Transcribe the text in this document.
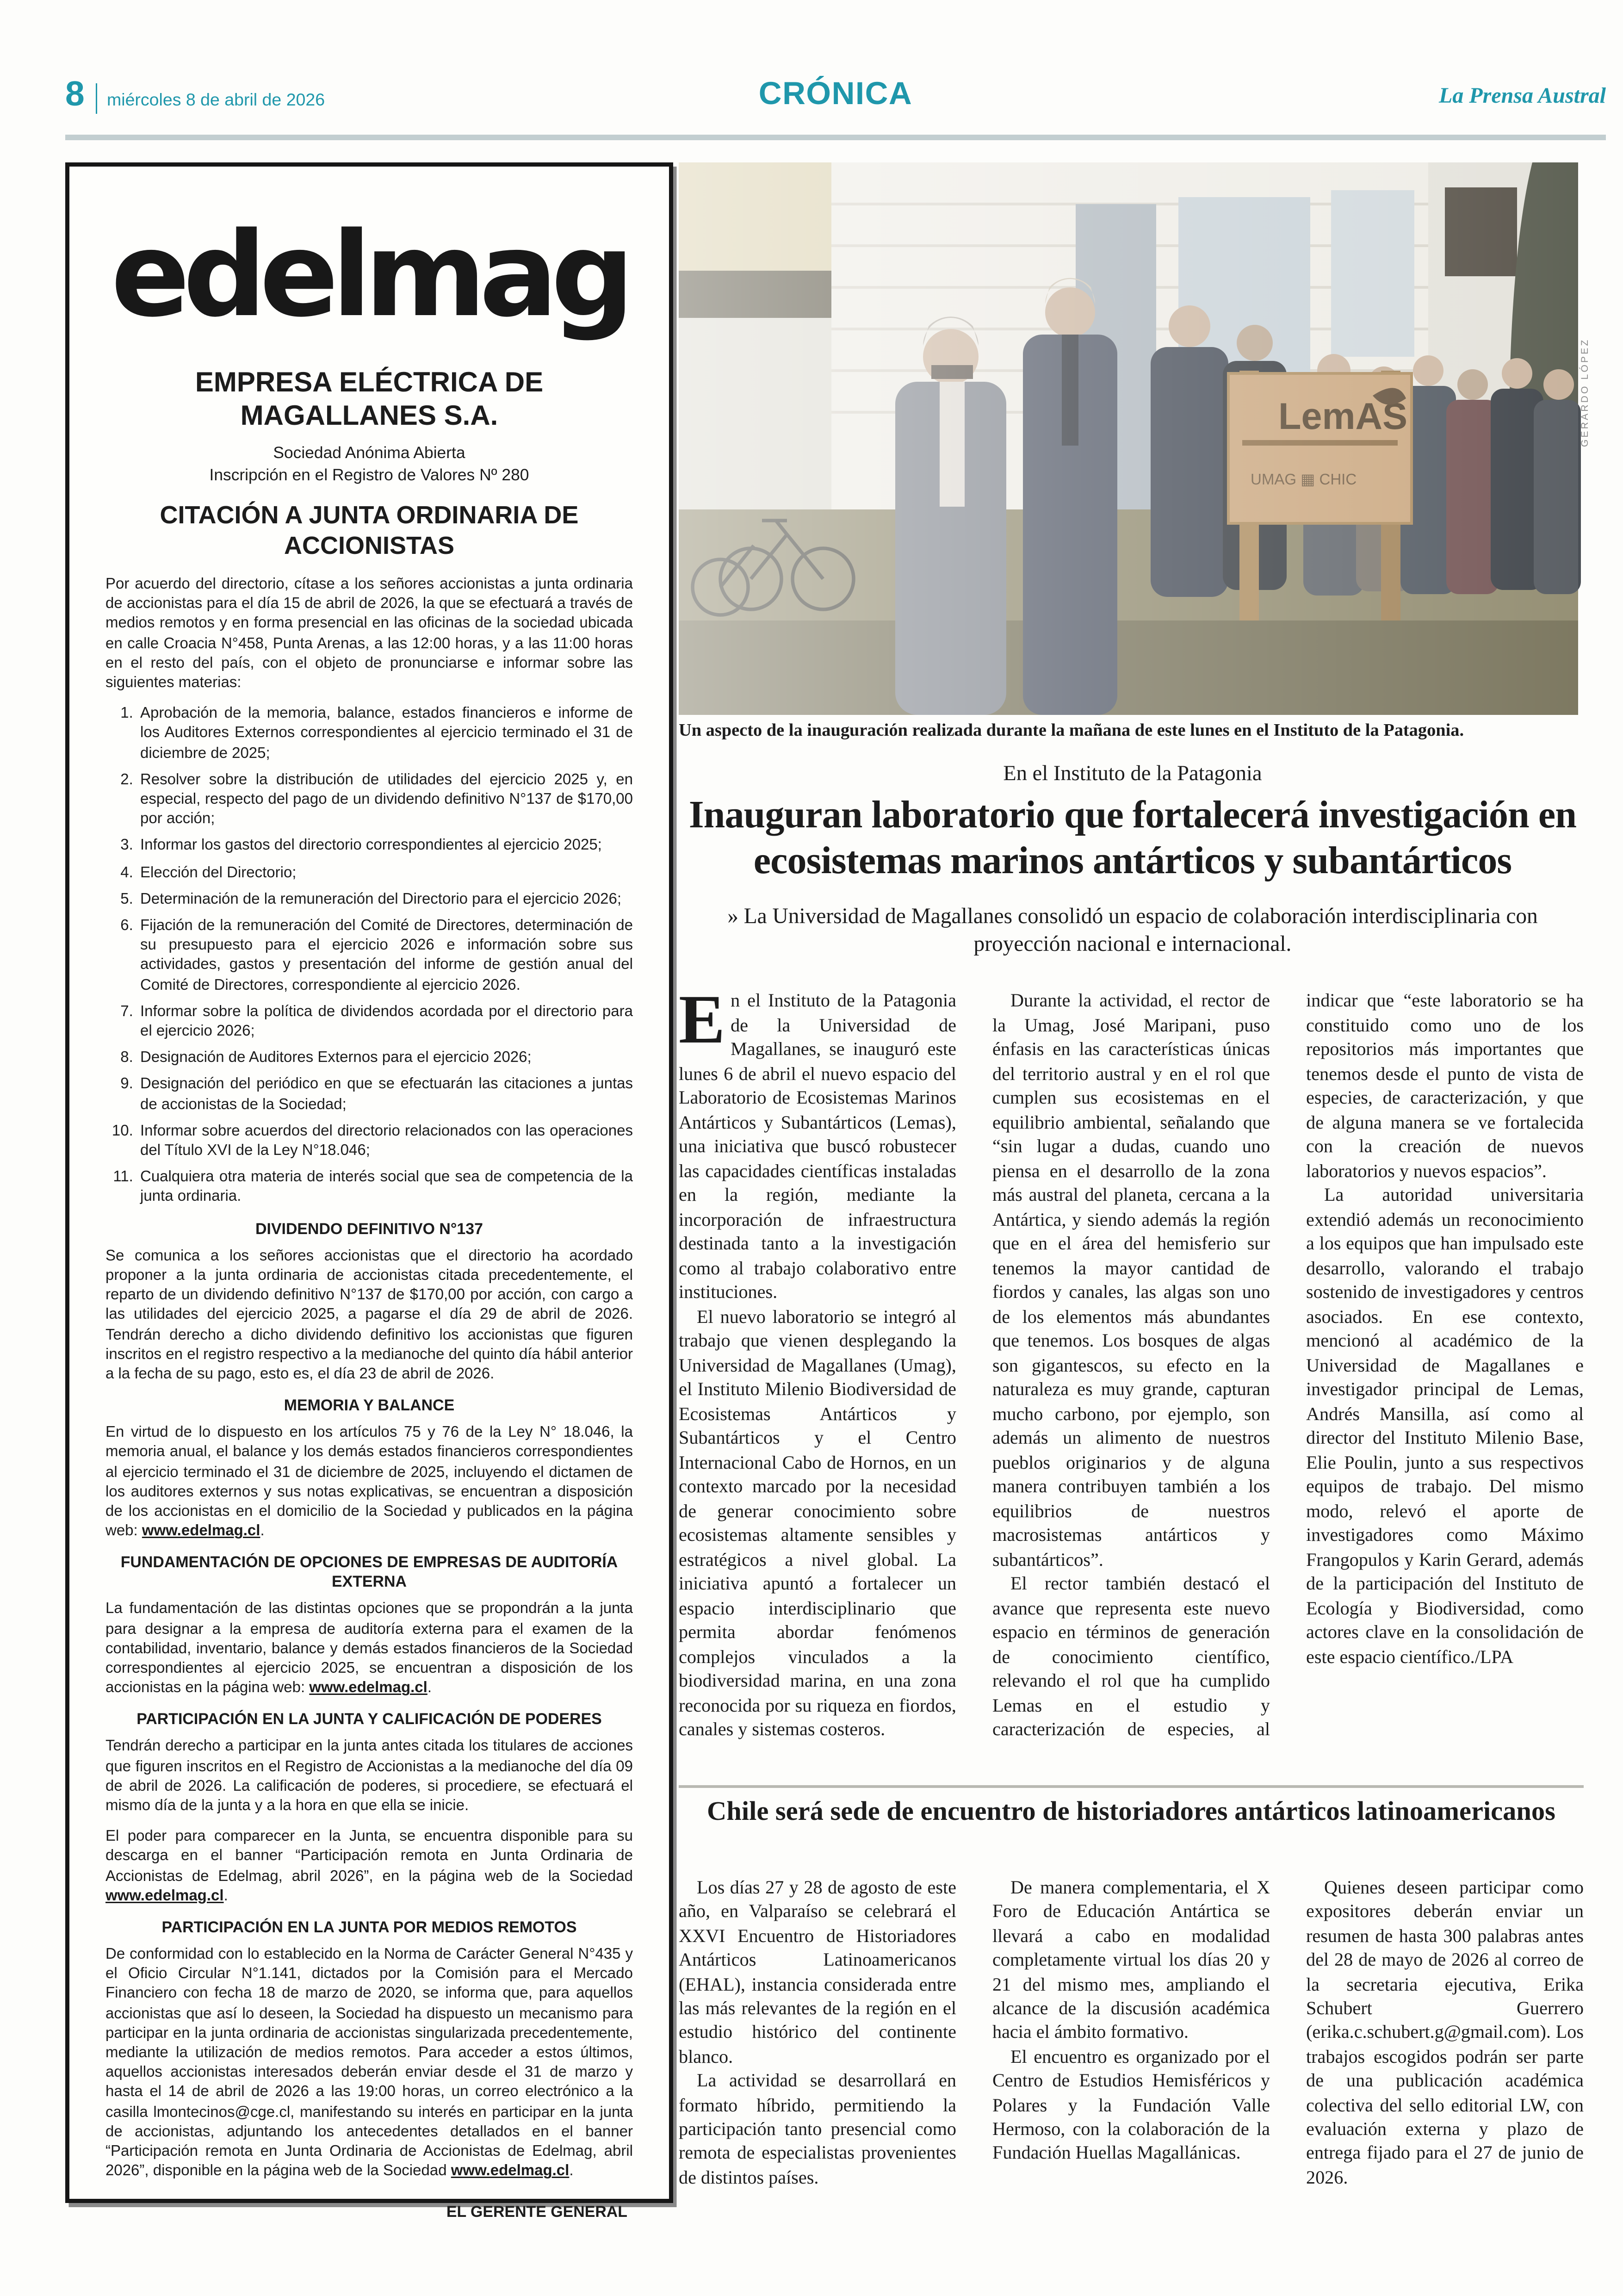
8	miércoles 8 de abril de 2026	CRÓNICA	La Prensa Austral
edelmag
EMPRESA ELÉCTRICA DE MAGALLANES S.A.
Sociedad Anónima Abierta
Inscripción en el Registro de Valores Nº 280
CITACIÓN A JUNTA ORDINARIA DE ACCIONISTAS

Por acuerdo del directorio, cítase a los señores accionistas a junta ordinaria de accionistas para el día 15 de abril de 2026, la que se efectuará a través de medios remotos y en forma presencial en las oficinas de la sociedad ubicada en calle Croacia N°458, Punta Arenas, a las 12:00 horas, y a las 11:00 horas en el resto del país, con el objeto de pronunciarse e informar sobre las siguientes materias:

1. Aprobación de la memoria, balance, estados financieros e informe de los Auditores Externos correspondientes al ejercicio terminado el 31 de diciembre de 2025;
2. Resolver sobre la distribución de utilidades del ejercicio 2025 y, en especial, respecto del pago de un dividendo definitivo N°137 de $170,00 por acción;
3. Informar los gastos del directorio correspondientes al ejercicio 2025;
4. Elección del Directorio;
5. Determinación de la remuneración del Directorio para el ejercicio 2026;
6. Fijación de la remuneración del Comité de Directores, determinación de su presupuesto para el ejercicio 2026 e información sobre sus actividades, gastos y presentación del informe de gestión anual del Comité de Directores, correspondiente al ejercicio 2026.
7. Informar sobre la política de dividendos acordada por el directorio para el ejercicio 2026;
8. Designación de Auditores Externos para el ejercicio 2026;
9. Designación del periódico en que se efectuarán las citaciones a juntas de accionistas de la Sociedad;
10. Informar sobre acuerdos del directorio relacionados con las operaciones del Título XVI de la Ley N°18.046;
11. Cualquiera otra materia de interés social que sea de competencia de la junta ordinaria.
DIVIDENDO DEFINITIVO N°137

Se comunica a los señores accionistas que el directorio ha acordado proponer a la junta ordinaria de accionistas citada precedentemente, el reparto de un dividendo definitivo N°137 de $170,00 por acción, con cargo a las utilidades del ejercicio 2025, a pagarse el día 29 de abril de 2026. Tendrán derecho a dicho dividendo definitivo los accionistas que figuren inscritos en el registro respectivo a la medianoche del quinto día hábil anterior a la fecha de su pago, esto es, el día 23 de abril de 2026.

MEMORIA Y BALANCE

En virtud de lo dispuesto en los artículos 75 y 76 de la Ley N° 18.046, la memoria anual, el balance y los demás estados financieros correspondientes al ejercicio terminado el 31 de diciembre de 2025, incluyendo el dictamen de los auditores externos y sus notas explicativas, se encuentran a disposición de los accionistas en el domicilio de la Sociedad y publicados en la página web: www.edelmag.cl.

FUNDAMENTACIÓN DE OPCIONES DE EMPRESAS DE AUDITORÍA EXTERNA

La fundamentación de las distintas opciones que se propondrán a la junta para designar a la empresa de auditoría externa para el examen de la contabilidad, inventario, balance y demás estados financieros de la Sociedad correspondientes al ejercicio 2025, se encuentran a disposición de los accionistas en la página web: www.edelmag.cl.

PARTICIPACIÓN EN LA JUNTA Y CALIFICACIÓN DE PODERES

Tendrán derecho a participar en la junta antes citada los titulares de acciones que figuren inscritos en el Registro de Accionistas a la medianoche del día 09 de abril de 2026. La calificación de poderes, si procediere, se efectuará el mismo día de la junta y a la hora en que ella se inicie.

El poder para comparecer en la Junta, se encuentra disponible para su descarga en el banner “Participación remota en Junta Ordinaria de Accionistas de Edelmag, abril 2026”, en la página web de la Sociedad www.edelmag.cl.

PARTICIPACIÓN EN LA JUNTA POR MEDIOS REMOTOS

De conformidad con lo establecido en la Norma de Carácter General N°435 y el Oficio Circular N°1.141, dictados por la Comisión para el Mercado Financiero con fecha 18 de marzo de 2020, se informa que, para aquellos accionistas que así lo deseen, la Sociedad ha dispuesto un mecanismo para participar en la junta ordinaria de accionistas singularizada precedentemente, mediante la utilización de medios remotos. Para acceder a estos últimos, aquellos accionistas interesados deberán enviar desde el 31 de marzo y hasta el 14 de abril de 2026 a las 19:00 horas, un correo electrónico a la casilla lmontecinos@cge.cl, manifestando su interés en participar en la junta de accionistas, adjuntando los antecedentes detallados en el banner “Participación remota en Junta Ordinaria de Accionistas de Edelmag, abril 2026”, disponible en la página web de la Sociedad www.edelmag.cl.

EL GERENTE GENERAL
GERARDO LÓPEZ
Un aspecto de la inauguración realizada durante la mañana de este lunes en el Instituto de la Patagonia.
En el Instituto de la Patagonia
Inauguran laboratorio que fortalecerá investigación en ecosistemas marinos antárticos y subantárticos
» La Universidad de Magallanes consolidó un espacio de colaboración interdisciplinaria con proyección nacional e internacional.

En el Instituto de la Patagonia de la Universidad de Magallanes, se inauguró este lunes 6 de abril el nuevo espacio del Laboratorio de Ecosistemas Marinos Antárticos y Subantárticos (Lemas), una iniciativa que buscó robustecer las capacidades científicas instaladas en la región, mediante la incorporación de infraestructura destinada tanto a la investigación como al trabajo colaborativo entre instituciones.

El nuevo laboratorio se integró al trabajo que vienen desplegando la Universidad de Magallanes (Umag), el Instituto Milenio Biodiversidad de Ecosistemas Antárticos y Subantárticos y el Centro Internacional Cabo de Hornos, en un contexto marcado por la necesidad de generar conocimiento sobre ecosistemas altamente sensibles y estratégicos a nivel global. La iniciativa apuntó a fortalecer un espacio interdisciplinario que permita abordar fenómenos complejos vinculados a la biodiversidad marina, en una zona reconocida por su riqueza en fiordos, canales y sistemas costeros.

Durante la actividad, el rector de la Umag, José Maripani, puso énfasis en las características únicas del territorio austral y en el rol que cumplen sus ecosistemas en el equilibrio ambiental, señalando que “sin lugar a dudas, cuando uno piensa en el desarrollo de la zona más austral del planeta, cercana a la Antártica, y siendo además la región que en el área del hemisferio sur tenemos la mayor cantidad de fiordos y canales, las algas son uno de los elementos más abundantes que tenemos. Los bosques de algas son gigantescos, su efecto en la naturaleza es muy grande, capturan mucho carbono, por ejemplo, son además un alimento de nuestros pueblos originarios y de alguna manera contribuyen también a los equilibrios de nuestros macrosistemas antárticos y subantárticos”.

El rector también destacó el avance que representa este nuevo espacio en términos de generación de conocimiento científico, relevando el rol que ha cumplido Lemas en el estudio y caracterización de especies, al indicar que “este laboratorio se ha constituido como uno de los repositorios más importantes que tenemos desde el punto de vista de especies, de caracterización, y que de alguna manera se ve fortalecida con la creación de nuevos laboratorios y nuevos espacios”.

La autoridad universitaria extendió además un reconocimiento a los equipos que han impulsado este desarrollo, valorando el trabajo sostenido de investigadores y centros asociados. En ese contexto, mencionó al académico de la Universidad de Magallanes e investigador principal de Lemas, Andrés Mansilla, así como al director del Instituto Milenio Base, Elie Poulin, junto a sus respectivos equipos de trabajo. Del mismo modo, relevó el aporte de investigadores como Máximo Frangopulos y Karin Gerard, además de la participación del Instituto de Ecología y Biodiversidad, como actores clave en la consolidación de este espacio científico./LPA

Chile será sede de encuentro de historiadores antárticos latinoamericanos

Los días 27 y 28 de agosto de este año, en Valparaíso se celebrará el XXVI Encuentro de Historiadores Antárticos Latinoamericanos (EHAL), instancia considerada entre las más relevantes de la región en el estudio histórico del continente blanco.

La actividad se desarrollará en formato híbrido, permitiendo la participación tanto presencial como remota de especialistas provenientes de distintos países.

De manera complementaria, el X Foro de Educación Antártica se llevará a cabo en modalidad completamente virtual los días 20 y 21 del mismo mes, ampliando el alcance de la discusión académica hacia el ámbito formativo.

El encuentro es organizado por el Centro de Estudios Hemisféricos y Polares y la Fundación Valle Hermoso, con la colaboración de la Fundación Huellas Magallánicas.

Quienes deseen participar como expositores deberán enviar un resumen de hasta 300 palabras antes del 28 de mayo de 2026 al correo de la secretaria ejecutiva, Erika Schubert Guerrero (erika.c.schubert.g@gmail.com). Los trabajos escogidos podrán ser parte de una publicación académica colectiva del sello editorial LW, con evaluación externa y plazo de entrega fijado para el 27 de junio de 2026.
